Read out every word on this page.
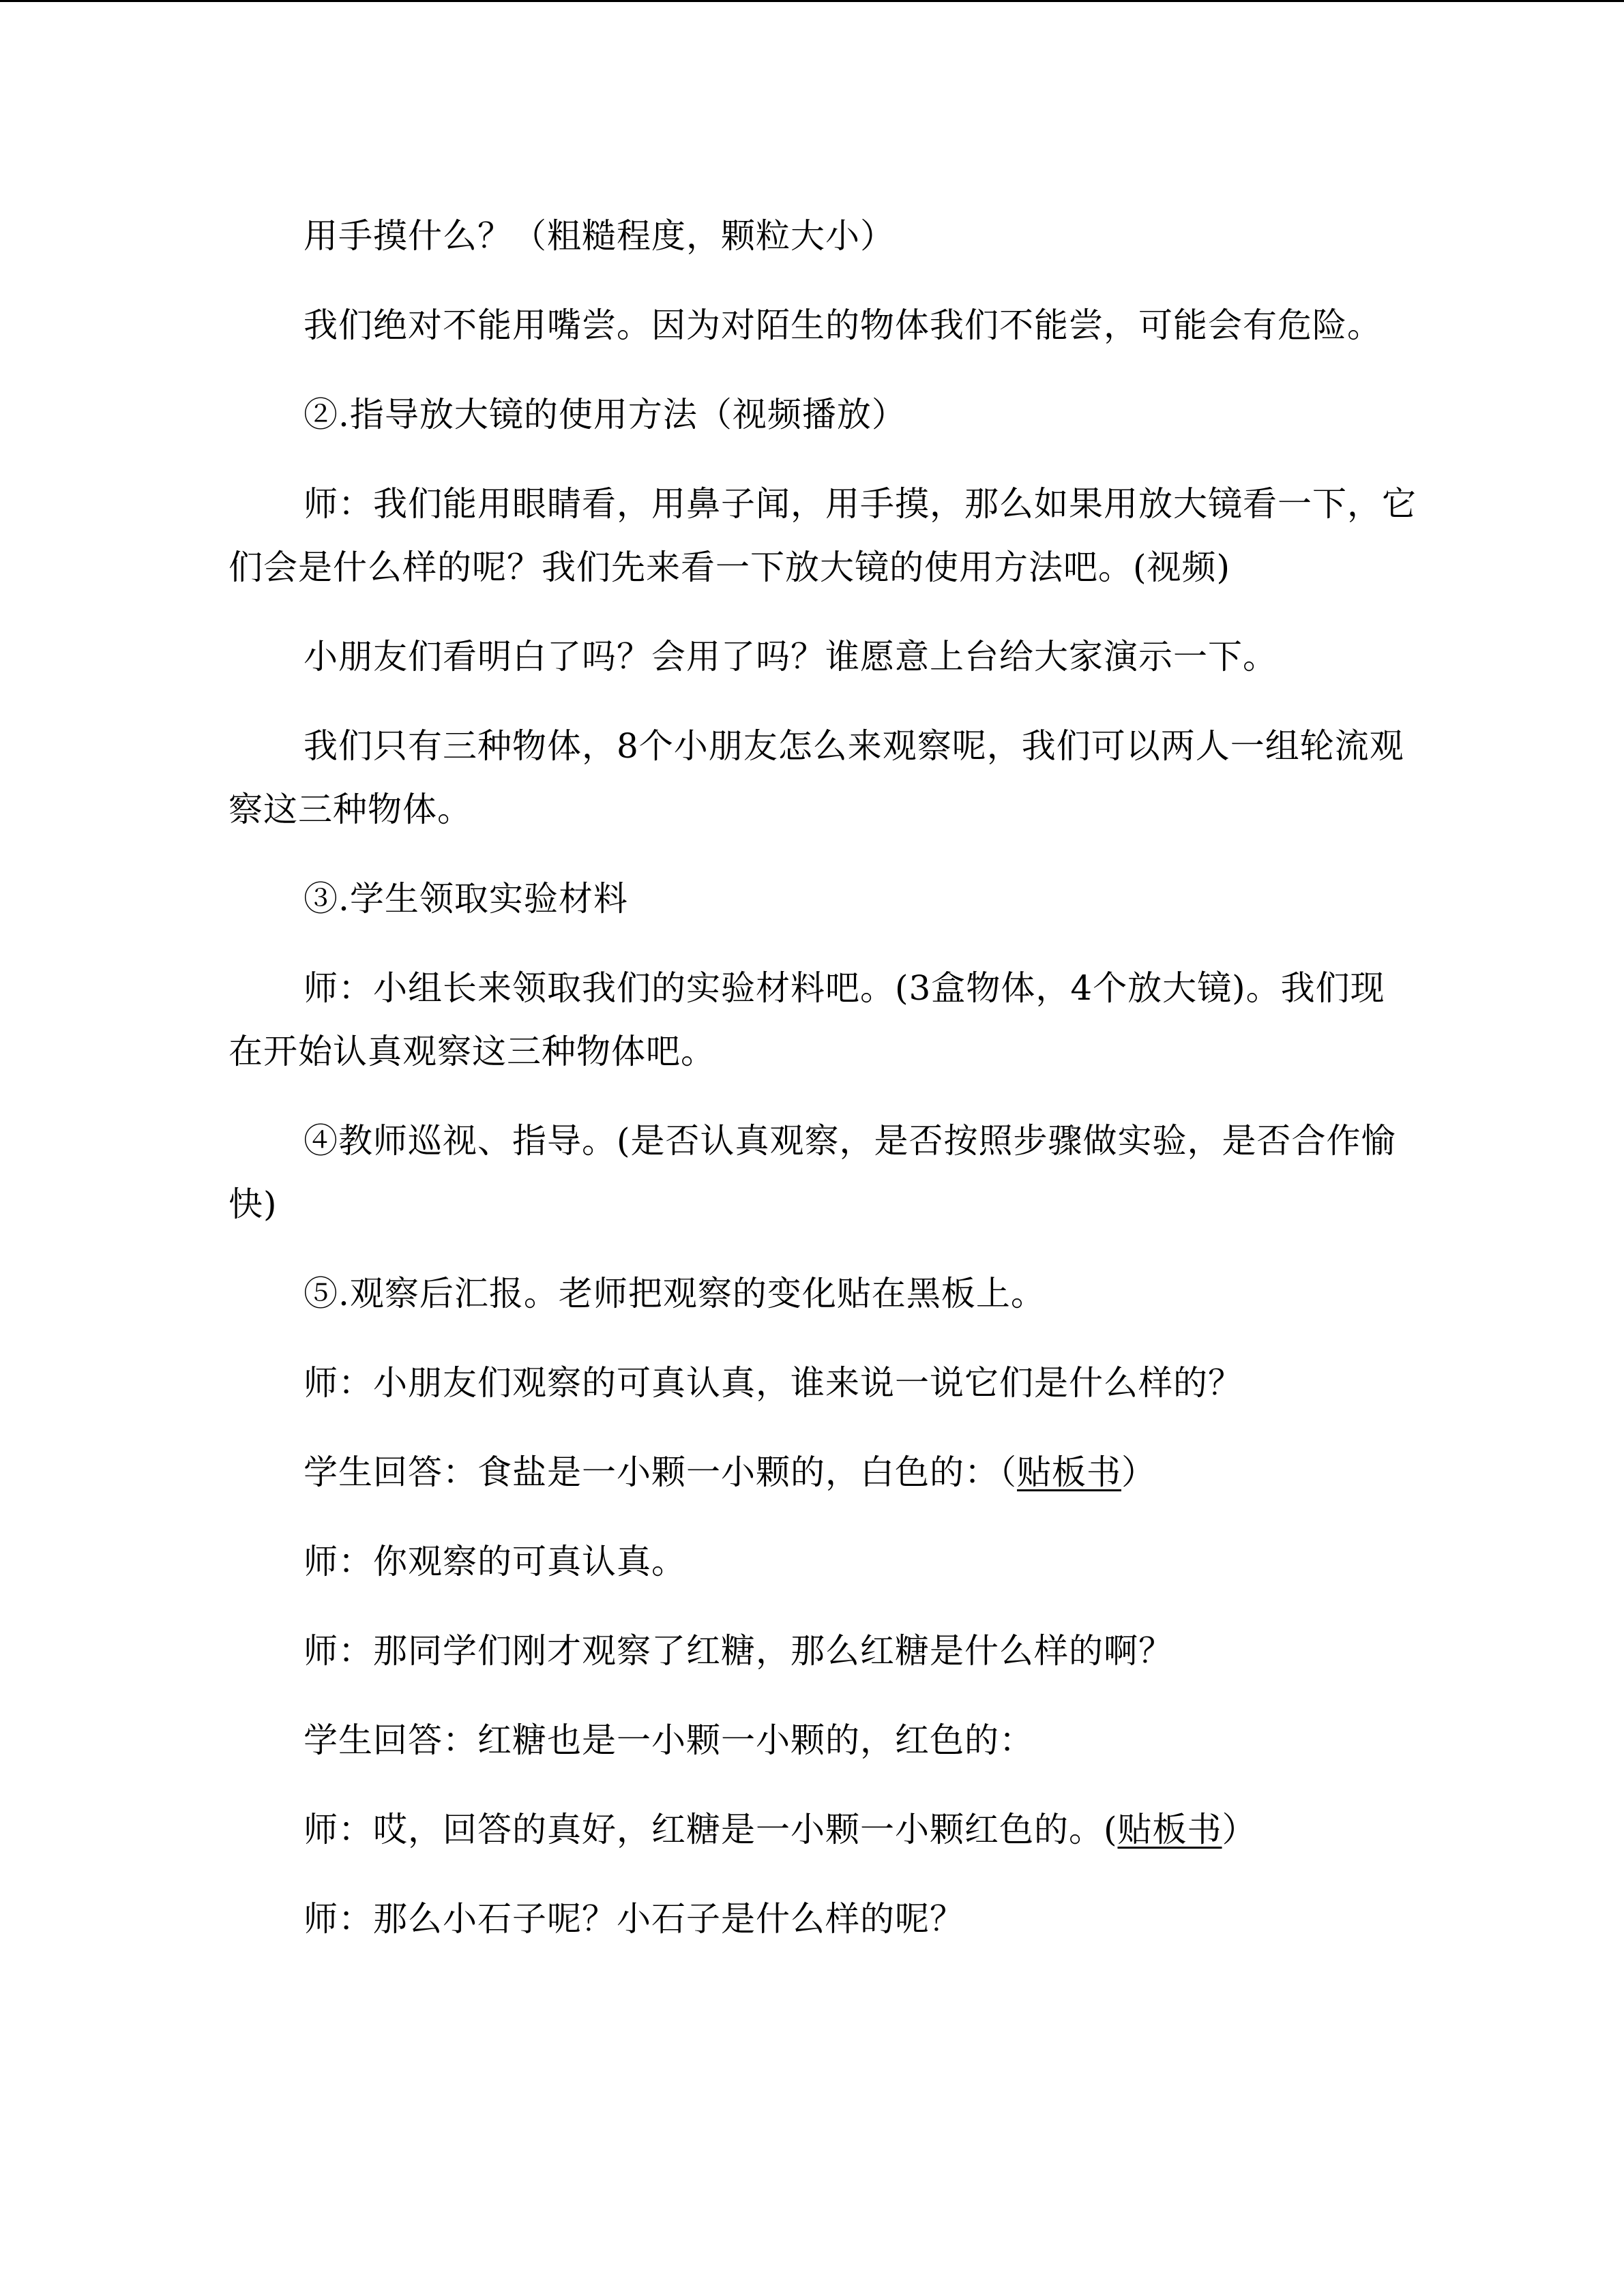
用手摸什么？（粗糙程度，颗粒大小）

我们绝对不能用嘴尝。因为对陌生的物体我们不能尝，可能会有危险。

②.指导放大镜的使用方法（视频播放）

师：我们能用眼睛看，用鼻子闻，用手摸，那么如果用放大镜看一下，它们会是什么样的呢？我们先来看一下放大镜的使用方法吧。(视频)

小朋友们看明白了吗？会用了吗？谁愿意上台给大家演示一下。

我们只有三种物体，8个小朋友怎么来观察呢，我们可以两人一组轮流观察这三种物体。

③.学生领取实验材料

师：小组长来领取我们的实验材料吧。(3盒物体，4个放大镜)。我们现在开始认真观察这三种物体吧。

④教师巡视、指导。(是否认真观察，是否按照步骤做实验，是否合作愉快)

⑤.观察后汇报。老师把观察的变化贴在黑板上。

师：小朋友们观察的可真认真，谁来说一说它们是什么样的？

学生回答：食盐是一小颗一小颗的，白色的：（贴板书）

师：你观察的可真认真。

师：那同学们刚才观察了红糖，那么红糖是什么样的啊？

学生回答：红糖也是一小颗一小颗的，红色的：

师：哎，回答的真好，红糖是一小颗一小颗红色的。(贴板书）

师：那么小石子呢？小石子是什么样的呢？
